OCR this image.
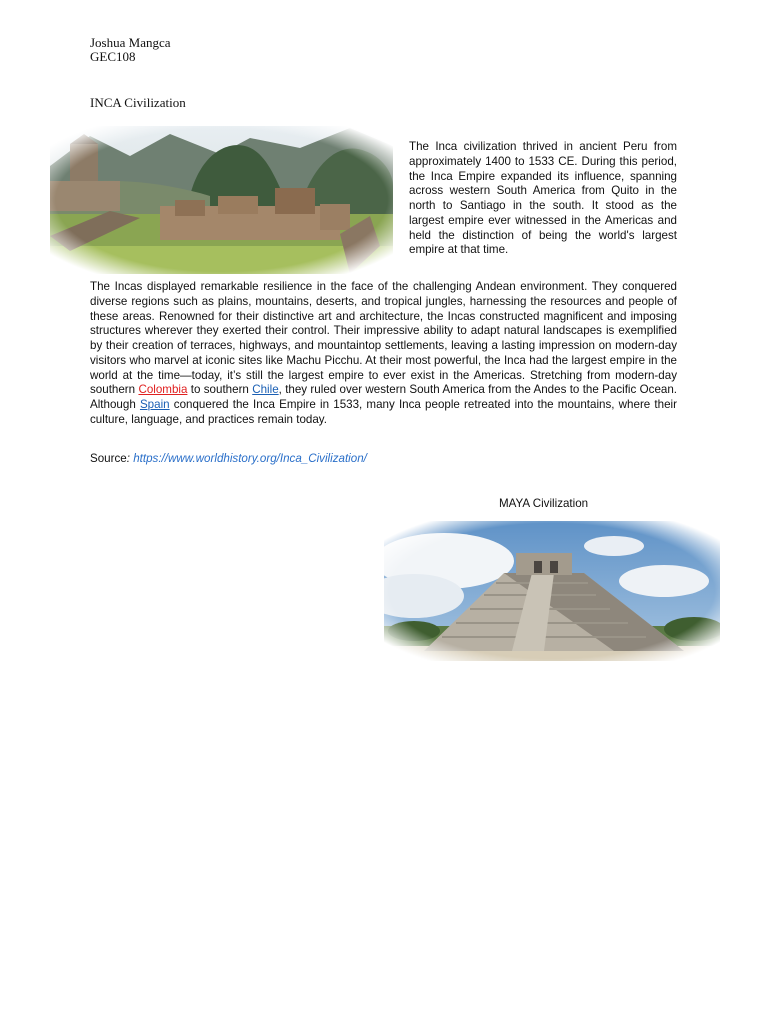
Joshua Mangca
GEC108
INCA Civilization

The Inca civilization thrived in ancient Peru from approximately 1400 to 1533 CE. During this period, the Inca Empire expanded its influence, spanning across western South America from Quito in the north to Santiago in the south. It stood as the largest empire ever witnessed in the Americas and held the distinction of being the world's largest empire at that time.

The Incas displayed remarkable resilience in the face of the challenging Andean environment. They conquered diverse regions such as plains, mountains, deserts, and tropical jungles, harnessing the resources and people of these areas. Renowned for their distinctive art and architecture, the Incas constructed magnificent and imposing structures wherever they exerted their control. Their impressive ability to adapt natural landscapes is exemplified by their creation of terraces, highways, and mountaintop settlements, leaving a lasting impression on modern-day visitors who marvel at iconic sites like Machu Picchu. At their most powerful, the Inca had the largest empire in the world at the time—today, it’s still the largest empire to ever exist in the Americas. Stretching from modern-day southern Colombia to southern Chile, they ruled over western South America from the Andes to the Pacific Ocean. Although Spain conquered the Inca Empire in 1533, many Inca people retreated into the mountains, where their culture, language, and practices remain today.

Source: https://www.worldhistory.org/Inca_Civilization/
MAYA Civilization
